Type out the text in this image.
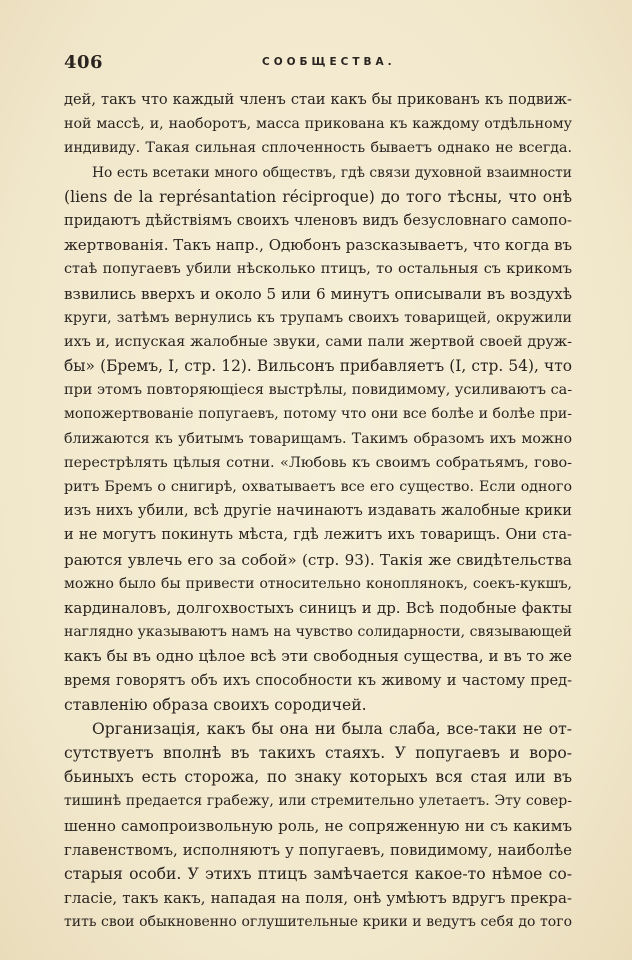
406	СООБЩЕСТВА.
дей, такъ что каждый членъ стаи какъ бы прикованъ къ подвиж-
ной массѣ, и, наоборотъ, масса прикована къ каждому отдѣльному
индивиду. Такая сильная сплоченность бываетъ однако не всегда.
Но есть всетаки много обществъ, гдѣ связи духовной взаимности
(liens de la représantation réciproque) до того тѣсны, что онѣ
придаютъ дѣйствіямъ своихъ членовъ видъ безусловнаго самопо-
жертвованія. Такъ напр., Одюбонъ разсказываетъ, что когда въ
стаѣ попугаевъ убили нѣсколько птицъ, то остальныя съ крикомъ
взвились вверхъ и около 5 или 6 минутъ описывали въ воздухѣ
круги, затѣмъ вернулись къ трупамъ своихъ товарищей, окружили
ихъ и, испуская жалобные звуки, сами пали жертвой своей друж-
бы» (Бремъ, I, стр. 12). Вильсонъ прибавляетъ (I, стр. 54), что
при этомъ повторяющіеся выстрѣлы, повидимому, усиливаютъ са-
мопожертвованіе попугаевъ, потому что они все болѣе и болѣе при-
ближаются къ убитымъ товарищамъ. Такимъ образомъ ихъ можно
перестрѣлять цѣлыя сотни. «Любовь къ своимъ собратьямъ, гово-
ритъ Бремъ о снигирѣ, охватываетъ все его существо. Если одного
изъ нихъ убили, всѣ другіе начинаютъ издавать жалобные крики
и не могутъ покинуть мѣста, гдѣ лежитъ ихъ товарищъ. Они ста-
раются увлечь его за собой» (стр. 93). Такія же свидѣтельства
можно было бы привести относительно коноплянокъ, соекъ-кукшъ,
кардиналовъ, долгохвостыхъ синицъ и др. Всѣ подобные факты
наглядно указываютъ намъ на чувство солидарности, связывающей
какъ бы въ одно цѣлое всѣ эти свободныя существа, и въ то же
время говорятъ объ ихъ способности къ живому и частому пред-
ставленію образа своихъ сородичей.
Организація, какъ бы она ни была слаба, все-таки не от-
сутствуетъ вполнѣ въ такихъ стаяхъ. У попугаевъ и воро-
бьиныхъ есть сторожа, по знаку которыхъ вся стая или въ
тишинѣ предается грабежу, или стремительно улетаетъ. Эту совер-
шенно самопроизвольную роль, не сопряженную ни съ какимъ
главенствомъ, исполняютъ у попугаевъ, повидимому, наиболѣе
старыя особи. У этихъ птицъ замѣчается какое-то нѣмое со-
гласіе, такъ какъ, нападая на поля, онѣ умѣютъ вдругъ прекра-
тить свои обыкновенно оглушительные крики и ведутъ себя до того
